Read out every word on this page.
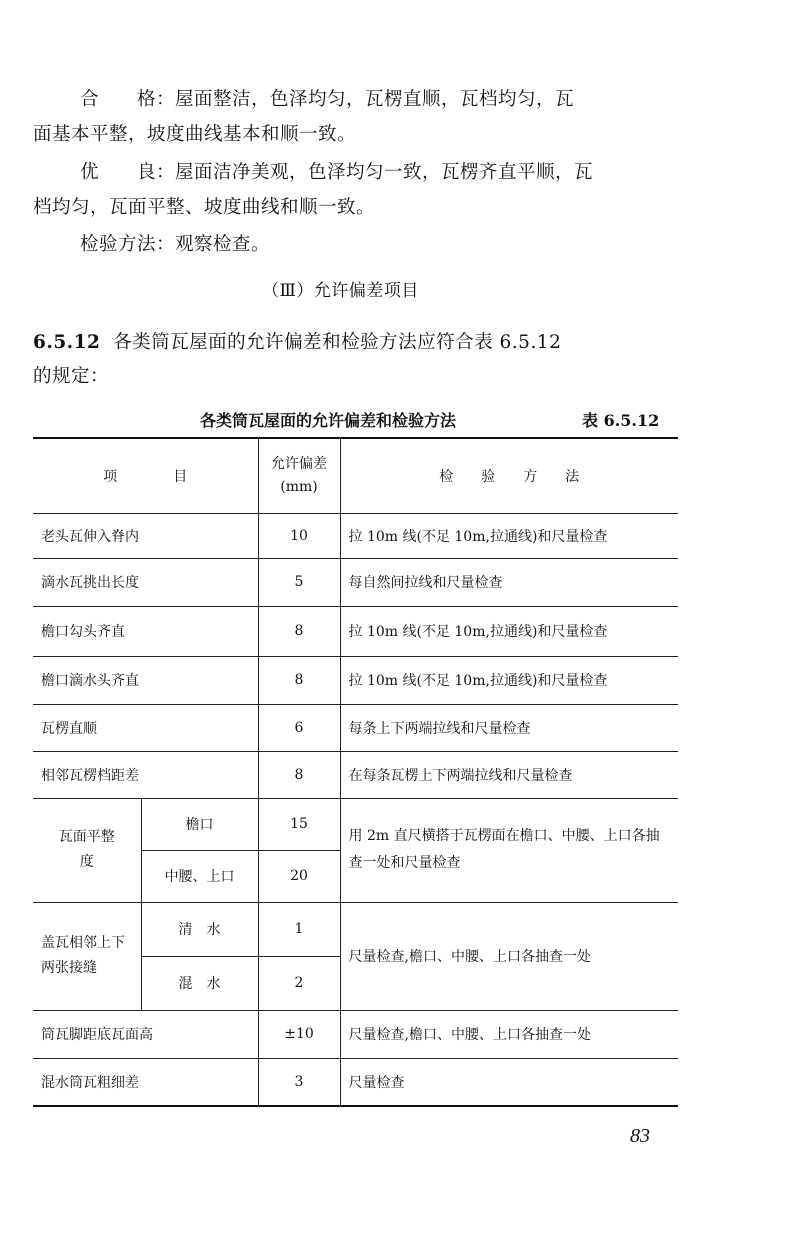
合　　格：屋面整洁，色泽均匀，瓦楞直顺，瓦档均匀，瓦
面基本平整，坡度曲线基本和顺一致。
优　　良：屋面洁净美观，色泽均匀一致，瓦楞齐直平顺，瓦
档均匀，瓦面平整、坡度曲线和顺一致。
检验方法：观察检查。
（Ⅲ）允许偏差项目
6.5.12 各类筒瓦屋面的允许偏差和检验方法应符合表 6.5.12
的规定：
各类筒瓦屋面的允许偏差和检验方法	表 6.5.12
项　　　　目		允许偏差(mm)	检　　验　　方　　法
老头瓦伸入脊内		10	拉 10m 线(不足 10m,拉通线)和尺量检查
滴水瓦挑出长度		5	每自然间拉线和尺量检查
檐口勾头齐直		8	拉 10m 线(不足 10m,拉通线)和尺量检查
檐口滴水头齐直		8	拉 10m 线(不足 10m,拉通线)和尺量检查
瓦楞直顺		6	每条上下两端拉线和尺量检查
相邻瓦楞档距差		8	在每条瓦楞上下两端拉线和尺量检查
瓦面平整度	檐口	15	用 2m 直尺横搭于瓦楞面在檐口、中腰、上口各抽查一处和尺量检查
	中腰、上口	20	
盖瓦相邻上下两张接缝	清　水	1	尺量检查,檐口、中腰、上口各抽查一处
	混　水	2	
筒瓦脚距底瓦面高		±10	尺量检查,檐口、中腰、上口各抽查一处
混水筒瓦粗细差		3	尺量检查
83
